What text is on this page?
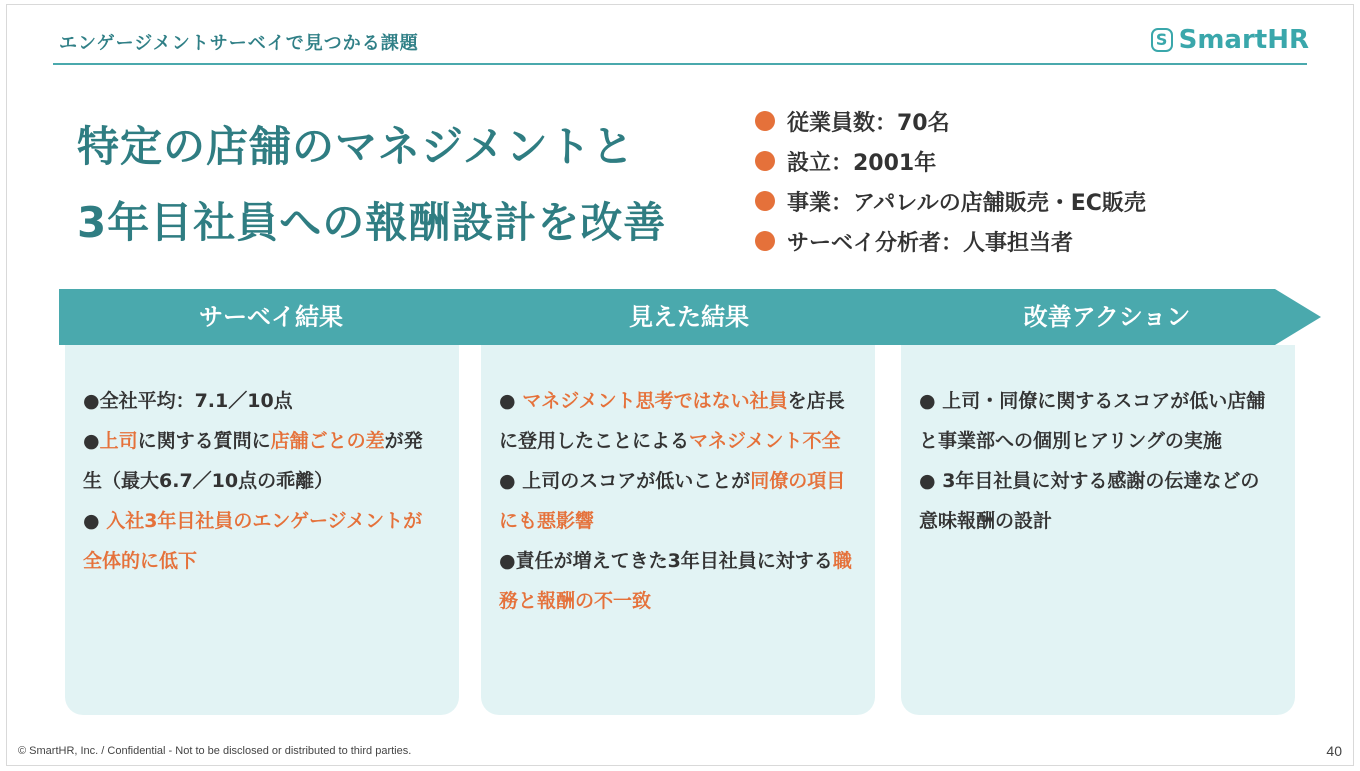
エンゲージメントサーベイで見つかる課題	S SmartHR
特定の店舗のマネジメントと
3年目社員への報酬設計を改善
従業員数：70名
設立：2001年
事業：アパレルの店舗販売・EC販売
サーベイ分析者：人事担当者
サーベイ結果	見えた結果	改善アクション

●全社平均：7.1／10点

●上司に関する質問に店舗ごとの差が発生（最大6.7／10点の乖離）

● 入社3年目社員のエンゲージメントが全体的に低下

● マネジメント思考ではない社員を店長に登用したことによるマネジメント不全

● 上司のスコアが低いことが同僚の項目にも悪影響

●責任が増えてきた3年目社員に対する職務と報酬の不一致

● 上司・同僚に関するスコアが低い店舗と事業部への個別ヒアリングの実施

● 3年目社員に対する感謝の伝達などの意味報酬の設計

© SmartHR, Inc. / Confidential - Not to be disclosed or distributed to third parties.	40
